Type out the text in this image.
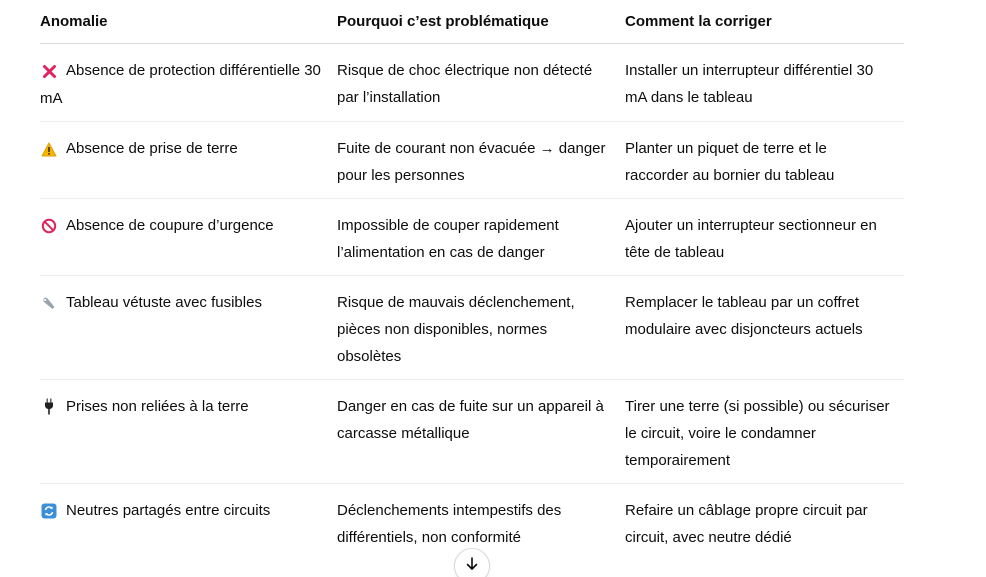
Anomalie	Pourquoi c’est problématique	Comment la corriger
Absence de protection différentielle 30 mA	Risque de choc électrique non détecté par l’installation	Installer un interrupteur différentiel 30 mA dans le tableau
Absence de prise de terre	Fuite de courant non évacuée → danger pour les personnes	Planter un piquet de terre et le raccorder au bornier du tableau
Absence de coupure d’urgence	Impossible de couper rapidement l’alimentation en cas de danger	Ajouter un interrupteur sectionneur en tête de tableau
Tableau vétuste avec fusibles	Risque de mauvais déclenchement, pièces non disponibles, normes obsolètes	Remplacer le tableau par un coffret modulaire avec disjoncteurs actuels
Prises non reliées à la terre	Danger en cas de fuite sur un appareil à carcasse métallique	Tirer une terre (si possible) ou sécuriser le circuit, voire le condamner temporairement
Neutres partagés entre circuits	Déclenchements intempestifs des différentiels, non conformité	Refaire un câblage propre circuit par circuit, avec neutre dédié
